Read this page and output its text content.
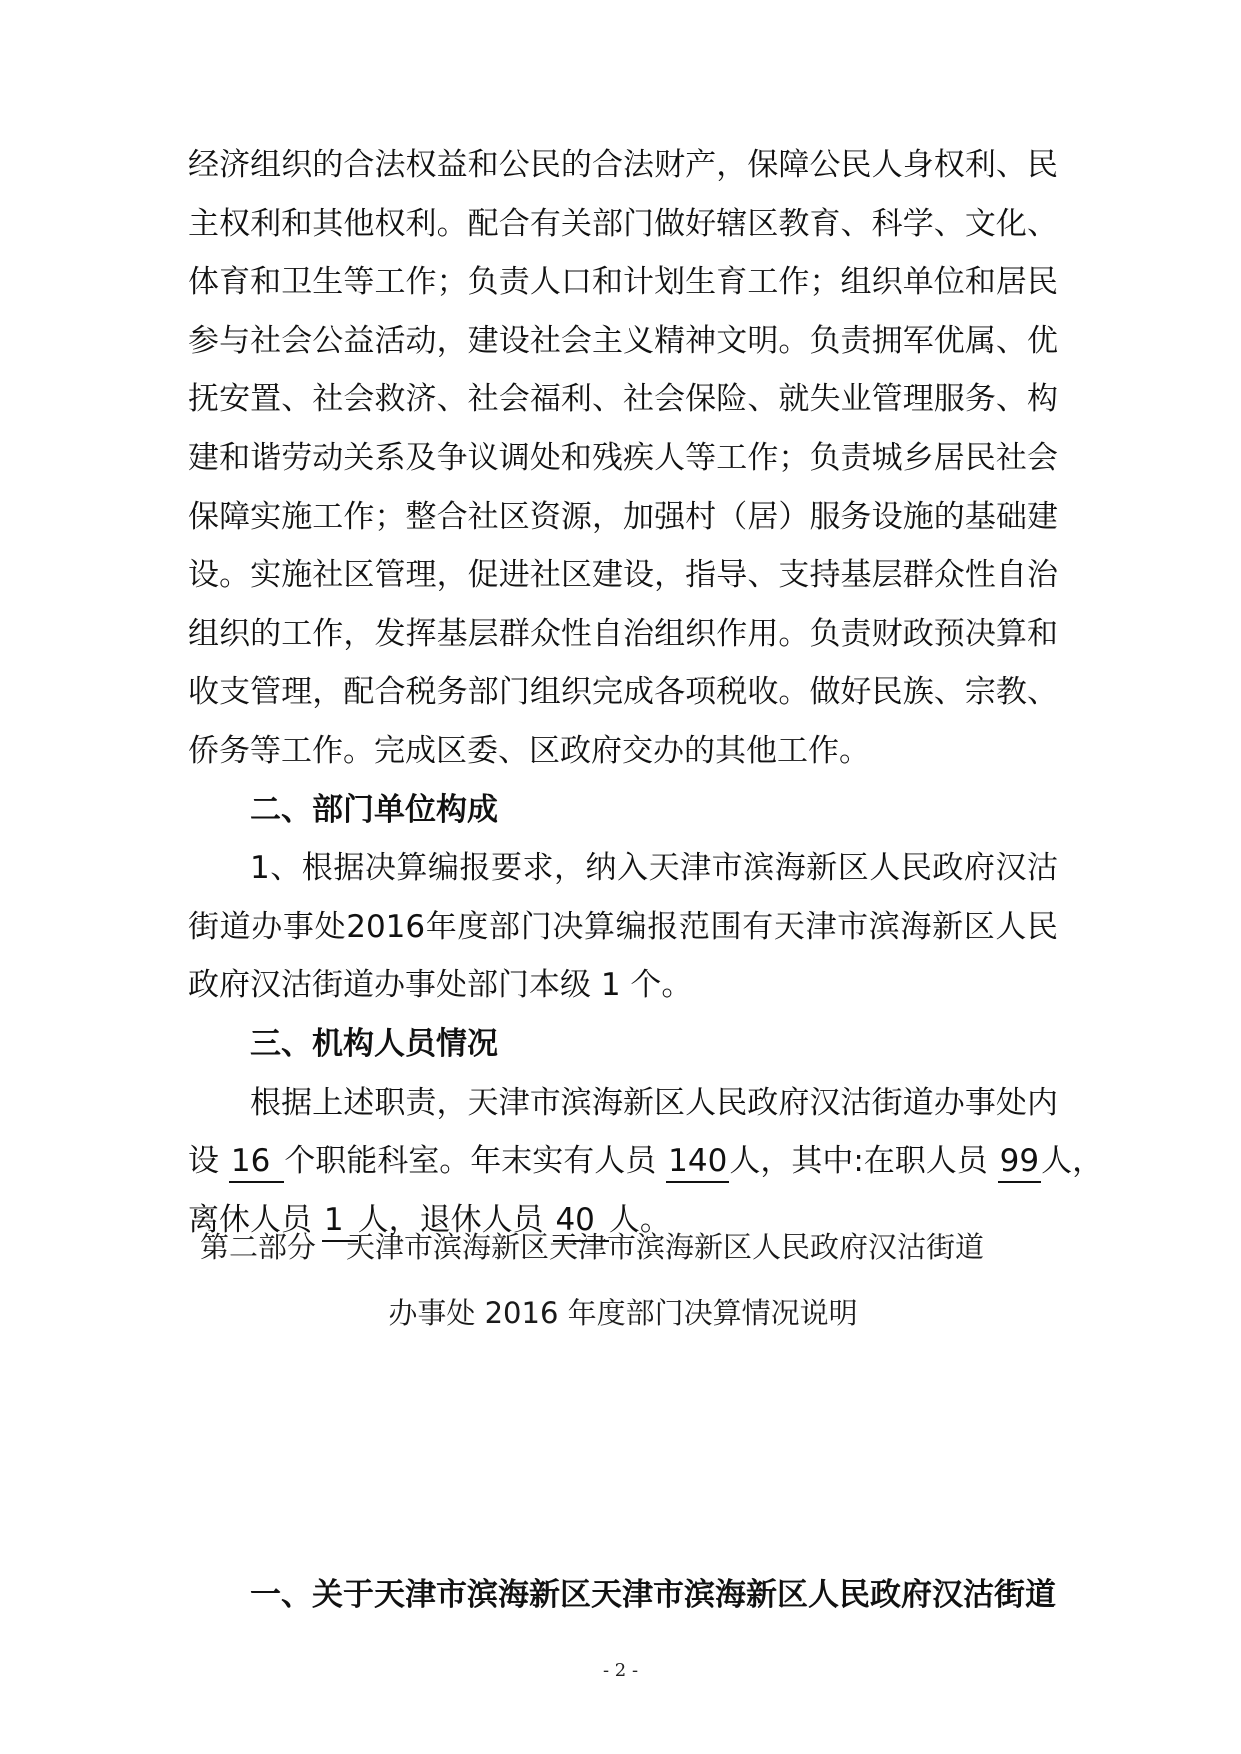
经济组织的合法权益和公民的合法财产，保障公民人身权利、民
主权利和其他权利。配合有关部门做好辖区教育、科学、文化、
体育和卫生等工作；负责人口和计划生育工作；组织单位和居民
参与社会公益活动，建设社会主义精神文明。负责拥军优属、优
抚安置、社会救济、社会福利、社会保险、就失业管理服务、构
建和谐劳动关系及争议调处和残疾人等工作；负责城乡居民社会
保障实施工作；整合社区资源，加强村（居）服务设施的基础建
设。实施社区管理，促进社区建设，指导、支持基层群众性自治
组织的工作，发挥基层群众性自治组织作用。负责财政预决算和
收支管理，配合税务部门组织完成各项税收。做好民族、宗教、
侨务等工作。完成区委、区政府交办的其他工作。
二、部门单位构成
1、根据决算编报要求，纳入天津市滨海新区人民政府汉沽
街道办事处2016年度部门决算编报范围有天津市滨海新区人民
政府汉沽街道办事处部门本级 1 个。
三、机构人员情况
根据上述职责，天津市滨海新区人民政府汉沽街道办事处内
设 16 个职能科室。年末实有人员 140人，其中:在职人员 99人，
离休人员 1 人，退休人员 40 人。
第二部分 天津市滨海新区天津市滨海新区人民政府汉沽街道
办事处 2016 年度部门决算情况说明
一、关于天津市滨海新区天津市滨海新区人民政府汉沽街道
- 2 -
